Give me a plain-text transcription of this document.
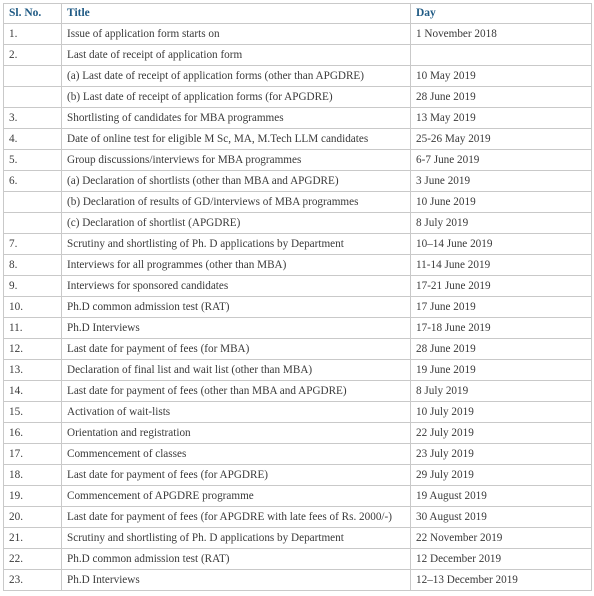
Sl. No.	Title	Day
1.	Issue of application form starts on	1 November 2018
2.	Last date of receipt of application form	
	(a) Last date of receipt of application forms (other than APGDRE)	10 May 2019
	(b) Last date of receipt of application forms (for APGDRE)	28 June 2019
3.	Shortlisting of candidates for MBA programmes	13 May 2019
4.	Date of online test for eligible M Sc, MA, M.Tech LLM candidates	25-26 May 2019
5.	Group discussions/interviews for MBA programmes	6-7 June 2019
6.	(a) Declaration of shortlists (other than MBA and APGDRE)	3 June 2019
	(b) Declaration of results of GD/interviews of MBA programmes	10 June 2019
	(c) Declaration of shortlist (APGDRE)	8 July 2019
7.	Scrutiny and shortlisting of Ph. D applications by Department	10–14 June 2019
8.	Interviews for all programmes (other than MBA)	11-14 June 2019
9.	Interviews for sponsored candidates	17-21 June 2019
10.	Ph.D common admission test (RAT)	17 June 2019
11.	Ph.D Interviews	17-18 June 2019
12.	Last date for payment of fees (for MBA)	28 June 2019
13.	Declaration of final list and wait list (other than MBA)	19 June 2019
14.	Last date for payment of fees (other than MBA and APGDRE)	8 July 2019
15.	Activation of wait-lists	10 July 2019
16.	Orientation and registration	22 July 2019
17.	Commencement of classes	23 July 2019
18.	Last date for payment of fees (for APGDRE)	29 July 2019
19.	Commencement of APGDRE programme	19 August 2019
20.	Last date for payment of fees (for APGDRE with late fees of Rs. 2000/-)	30 August 2019
21.	Scrutiny and shortlisting of Ph. D applications by Department	22 November 2019
22.	Ph.D common admission test (RAT)	12 December 2019
23.	Ph.D Interviews	12–13 December 2019
